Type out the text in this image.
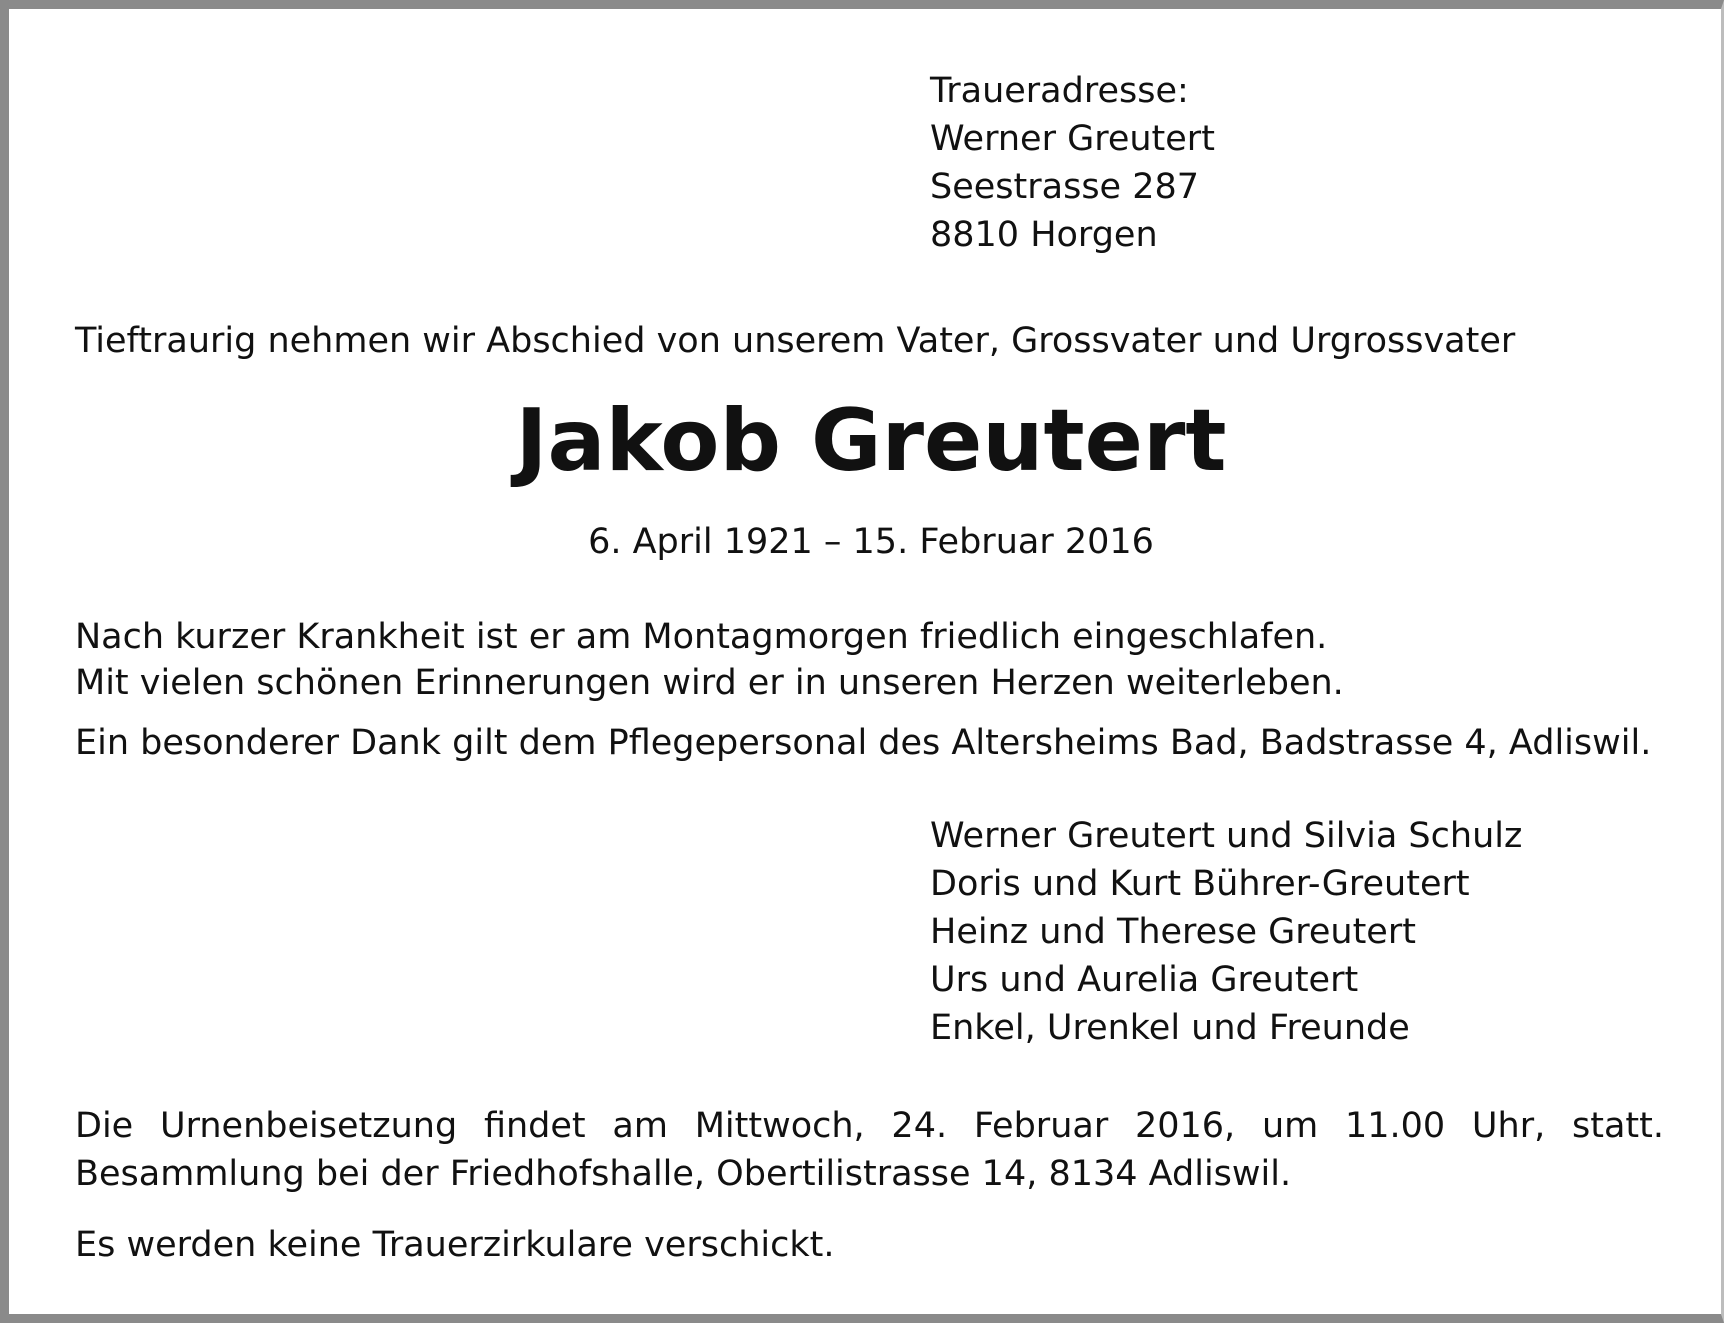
Traueradresse:

Werner Greutert

Seestrasse 287

8810 Horgen

Tieftraurig nehmen wir Abschied von unserem Vater, Grossvater und Urgrossvater

Jakob Greutert

6. April 1921 – 15. Februar 2016

Nach kurzer Krankheit ist er am Montagmorgen friedlich eingeschlafen.

Mit vielen schönen Erinnerungen wird er in unseren Herzen weiterleben.

Ein besonderer Dank gilt dem Pflegepersonal des Altersheims Bad, Badstrasse 4, Adliswil.

Werner Greutert und Silvia Schulz

Doris und Kurt Bührer-Greutert

Heinz und Therese Greutert

Urs und Aurelia Greutert

Enkel, Urenkel und Freunde

Die Urnenbeisetzung findet am Mittwoch, 24. Februar 2016, um 11.00 Uhr, statt.

Besammlung bei der Friedhofshalle, Obertilistrasse 14, 8134 Adliswil.

Es werden keine Trauerzirkulare verschickt.
